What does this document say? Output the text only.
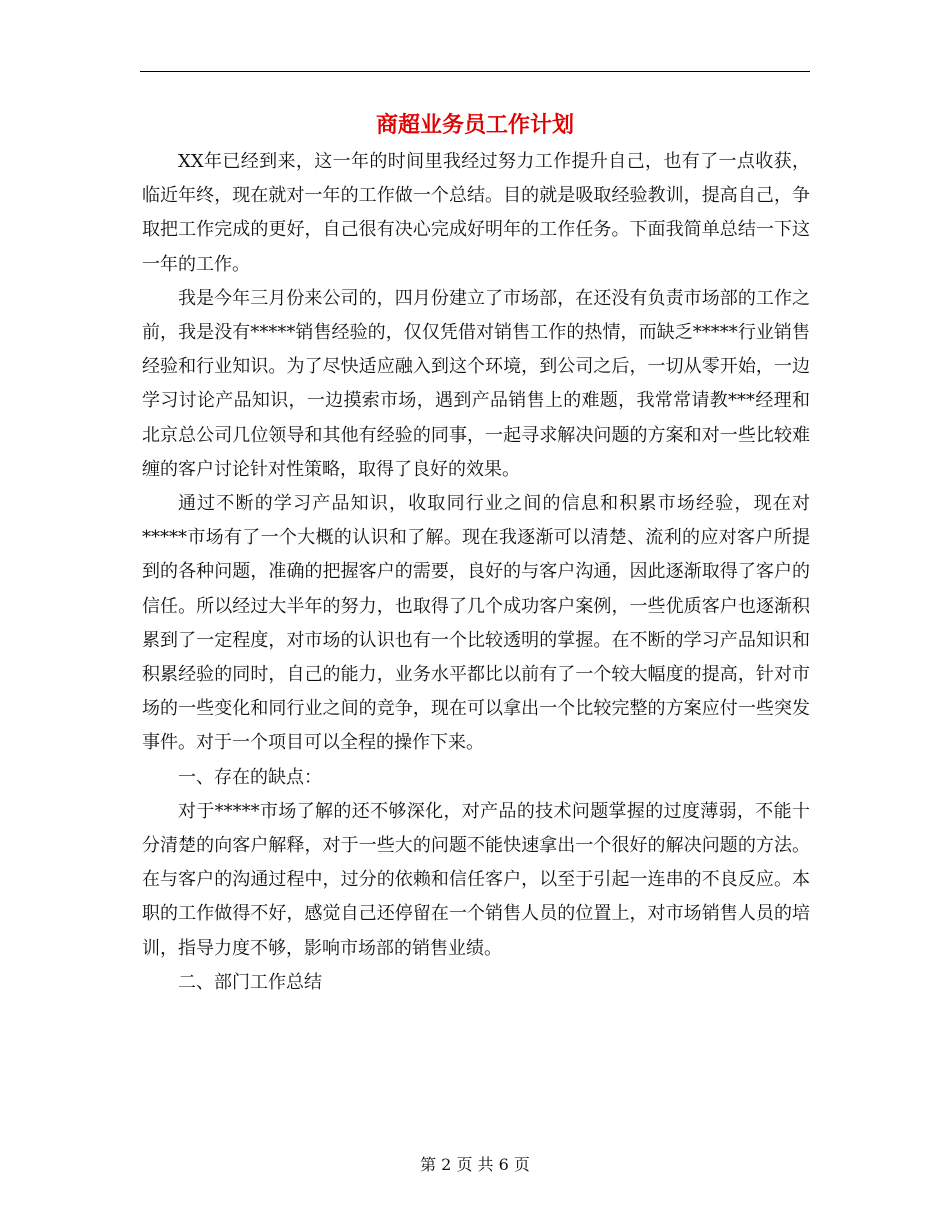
商超业务员工作计划

XX年已经到来，这一年的时间里我经过努力工作提升自己，也有了一点收获，临近年终，现在就对一年的工作做一个总结。目的就是吸取经验教训，提高自己，争取把工作完成的更好，自己很有决心完成好明年的工作任务。下面我简单总结一下这一年的工作。

我是今年三月份来公司的，四月份建立了市场部，在还没有负责市场部的工作之前，我是没有*****销售经验的，仅仅凭借对销售工作的热情，而缺乏*****行业销售经验和行业知识。为了尽快适应融入到这个环境，到公司之后，一切从零开始，一边学习讨论产品知识，一边摸索市场，遇到产品销售上的难题，我常常请教***经理和北京总公司几位领导和其他有经验的同事，一起寻求解决问题的方案和对一些比较难缠的客户讨论针对性策略，取得了良好的效果。

通过不断的学习产品知识，收取同行业之间的信息和积累市场经验，现在对*****市场有了一个大概的认识和了解。现在我逐渐可以清楚、流利的应对客户所提到的各种问题，准确的把握客户的需要，良好的与客户沟通，因此逐渐取得了客户的信任。所以经过大半年的努力，也取得了几个成功客户案例，一些优质客户也逐渐积累到了一定程度，对市场的认识也有一个比较透明的掌握。在不断的学习产品知识和积累经验的同时，自己的能力，业务水平都比以前有了一个较大幅度的提高，针对市场的一些变化和同行业之间的竞争，现在可以拿出一个比较完整的方案应付一些突发事件。对于一个项目可以全程的操作下来。

一、存在的缺点：

对于*****市场了解的还不够深化，对产品的技术问题掌握的过度薄弱，不能十分清楚的向客户解释，对于一些大的问题不能快速拿出一个很好的解决问题的方法。在与客户的沟通过程中，过分的依赖和信任客户，以至于引起一连串的不良反应。本职的工作做得不好，感觉自己还停留在一个销售人员的位置上，对市场销售人员的培训，指导力度不够，影响市场部的销售业绩。

二、部门工作总结

第 2 页 共 6 页
